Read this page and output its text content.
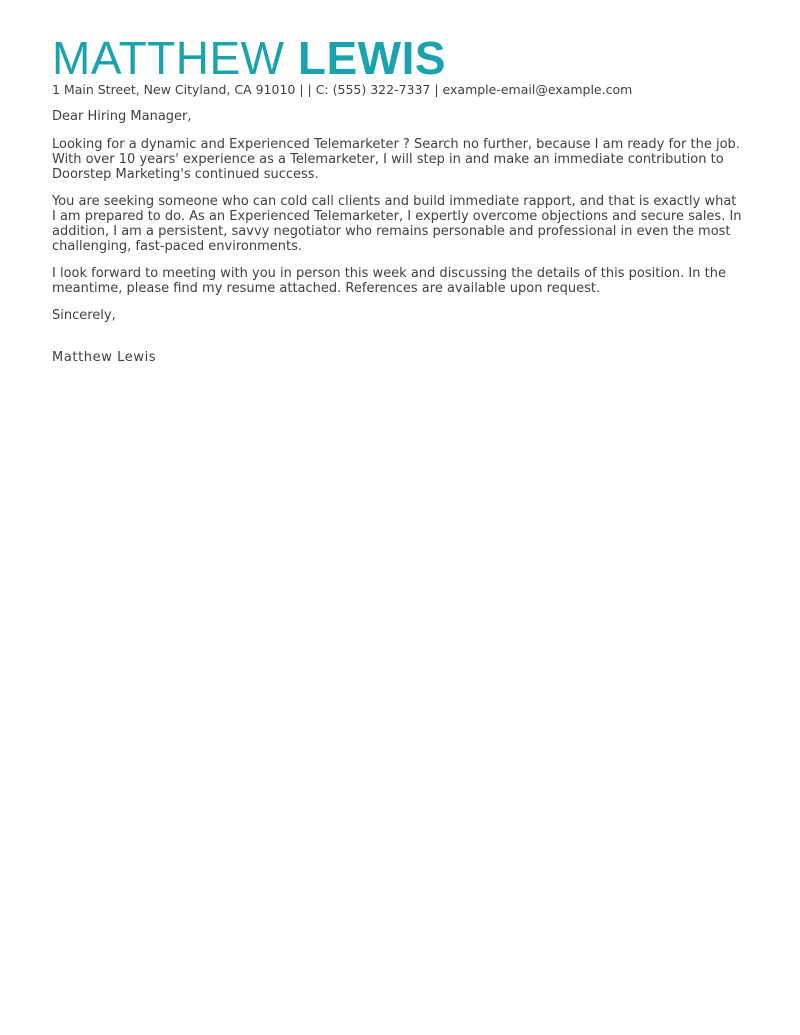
MATTHEW LEWIS
1 Main Street, New Cityland, CA 91010 | | C: (555) 322-7337 | example-email@example.com

Dear Hiring Manager,

Looking for a dynamic and Experienced Telemarketer ? Search no further, because I am ready for the job. With over 10 years' experience as a Telemarketer, I will step in and make an immediate contribution to Doorstep Marketing's continued success.

You are seeking someone who can cold call clients and build immediate rapport, and that is exactly what I am prepared to do. As an Experienced Telemarketer, I expertly overcome objections and secure sales. In addition, I am a persistent, savvy negotiator who remains personable and professional in even the most challenging, fast-paced environments.

I look forward to meeting with you in person this week and discussing the details of this position. In the meantime, please find my resume attached. References are available upon request.

Sincerely,

Matthew Lewis
